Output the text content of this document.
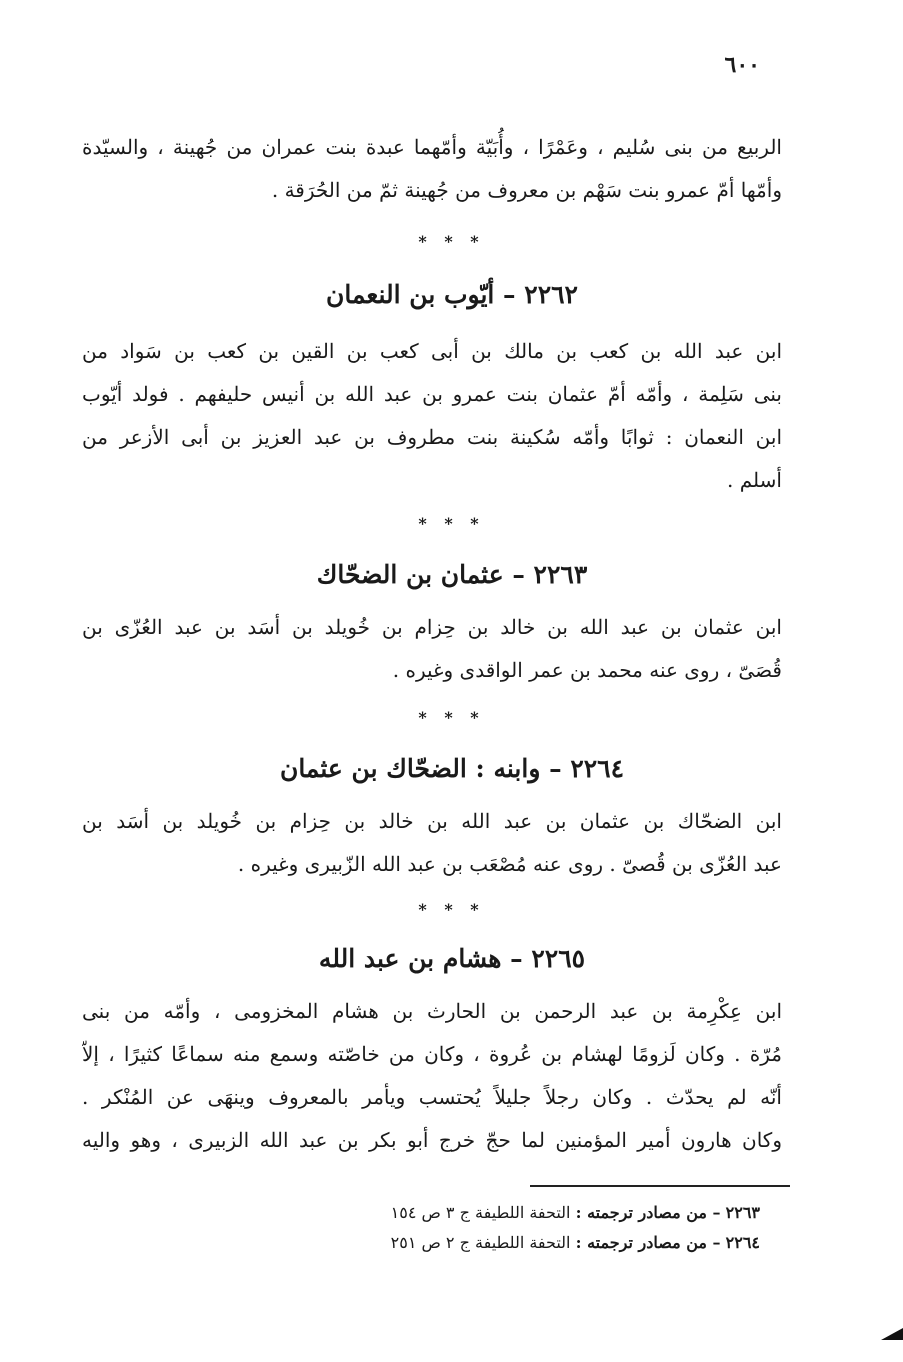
٦٠٠
الربيع من بنى سُليم ، وعَمْرًا ، وأُبَيّة وأمّهما عبدة بنت عمران من جُهينة ، والسيّدة
وأمّها أمّ عمرو بنت سَهْم بن معروف من جُهينة ثمّ من الحُرَقة .
* * *
٢٢٦٢ – أيّوب بن النعمان
ابن عبد الله بن كعب بن مالك بن أبى كعب بن القين بن كعب بن سَواد من
بنى سَلِمة ، وأمّه أمّ عثمان بنت عمرو بن عبد الله بن أنيس حليفهم . فولد أيّوب
ابن النعمان : ثوابًا وأمّه سُكينة بنت مطروف بن عبد العزيز بن أبى الأزعر من
أسلم .
* * *
٢٢٦٣ – عثمان بن الضحّاك
ابن عثمان بن عبد الله بن خالد بن حِزام بن خُويلد بن أسَد بن عبد العُزّى بن
قُصَىّ ، روى عنه محمد بن عمر الواقدى وغيره .
* * *
٢٢٦٤ – وابنه : الضحّاك بن عثمان
ابن الضحّاك بن عثمان بن عبد الله بن خالد بن حِزام بن خُويلد بن أسَد بن
عبد العُزّى بن قُصىّ . روى عنه مُصْعَب بن عبد الله الزّبيرى وغيره .
* * *
٢٢٦٥ – هشام بن عبد الله
ابن عِكْرِمة بن عبد الرحمن بن الحارث بن هشام المخزومى ، وأمّه من بنى
مُرّة . وكان لَزومًا لهشام بن عُروة ، وكان من خاصّته وسمع منه سماعًا كثيرًا ، إلاّ
أنّه لم يحدّث . وكان رجلاً جليلاً يُحتسب ويأمر بالمعروف وينهَى عن المُنْكر .
وكان هارون أمير المؤمنين لما حجّ خرج أبو بكر بن عبد الله الزبيرى ، وهو واليه
٢٢٦٣ – من مصادر ترجمته : التحفة اللطيفة ج ٣ ص ١٥٤
٢٢٦٤ – من مصادر ترجمته : التحفة اللطيفة ج ٢ ص ٢٥١
